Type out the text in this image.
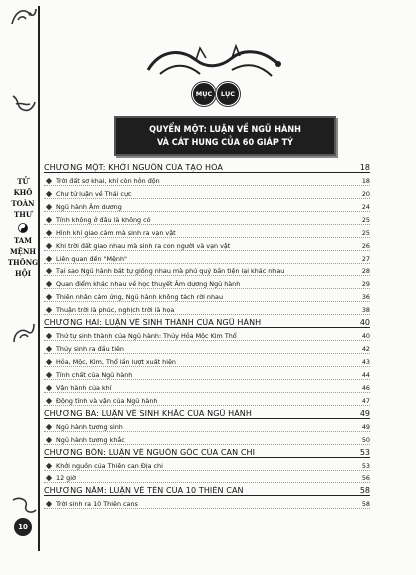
TỬ
KHÔ
TOÀN
THƯ
TAM
MỆNH
THÔNG
HỘI
10
MỤC	LỤC
QUYỂN MỘT: LUẬN VỀ NGŨ HÀNH
VÀ CÁT HUNG CỦA 60 GIÁP TÝ
CHƯƠNG MỘT: KHỞI NGUỒN CỦA TẠO HÓA	18
Trời đất sơ khai, khí còn hỗn độn	18
Chư tử luận về Thái cực	20
Ngũ hành Âm dương	24
Tính không ở đâu là không có	25
Hình khí giao cảm mà sinh ra vạn vật	25
Khi trời đất giao nhau mà sinh ra con người và vạn vật	26
Liên quan đến "Mệnh"	27
Tại sao Ngũ hành bát tự giống nhau mà phú quý bần tiện lại khác nhau	28
Quan điểm khác nhau về học thuyết Âm dương Ngũ hành	29
Thiên nhân cảm ứng, Ngũ hành không tách rời nhau	36
Thuận trời là phúc, nghịch trời là họa	38
CHƯƠNG HAI: LUẬN VỀ SINH THÀNH CỦA NGŨ HÀNH	40
Thứ tự sinh thành của Ngũ hành: Thủy Hỏa Mộc Kim Thổ	40
Thủy sinh ra đầu tiên	42
Hỏa, Mộc, Kim, Thổ lần lượt xuất hiện	43
Tính chất của Ngũ hành	44
Vận hành của khí	46
Động tĩnh và vận của Ngũ hành	47
CHƯƠNG BA: LUẬN VỀ SINH KHẮC CỦA NGŨ HÀNH	49
Ngũ hành tương sinh	49
Ngũ hành tương khắc	50
CHƯƠNG BỐN: LUẬN VỀ NGUỒN GỐC CỦA CAN CHI	53
Khởi nguồn của Thiên can Địa chi	53
12 giờ	56
CHƯƠNG NĂM: LUẬN VỀ TÊN CỦA 10 THIÊN CAN	58
Trời sinh ra 10 Thiên cans	58
